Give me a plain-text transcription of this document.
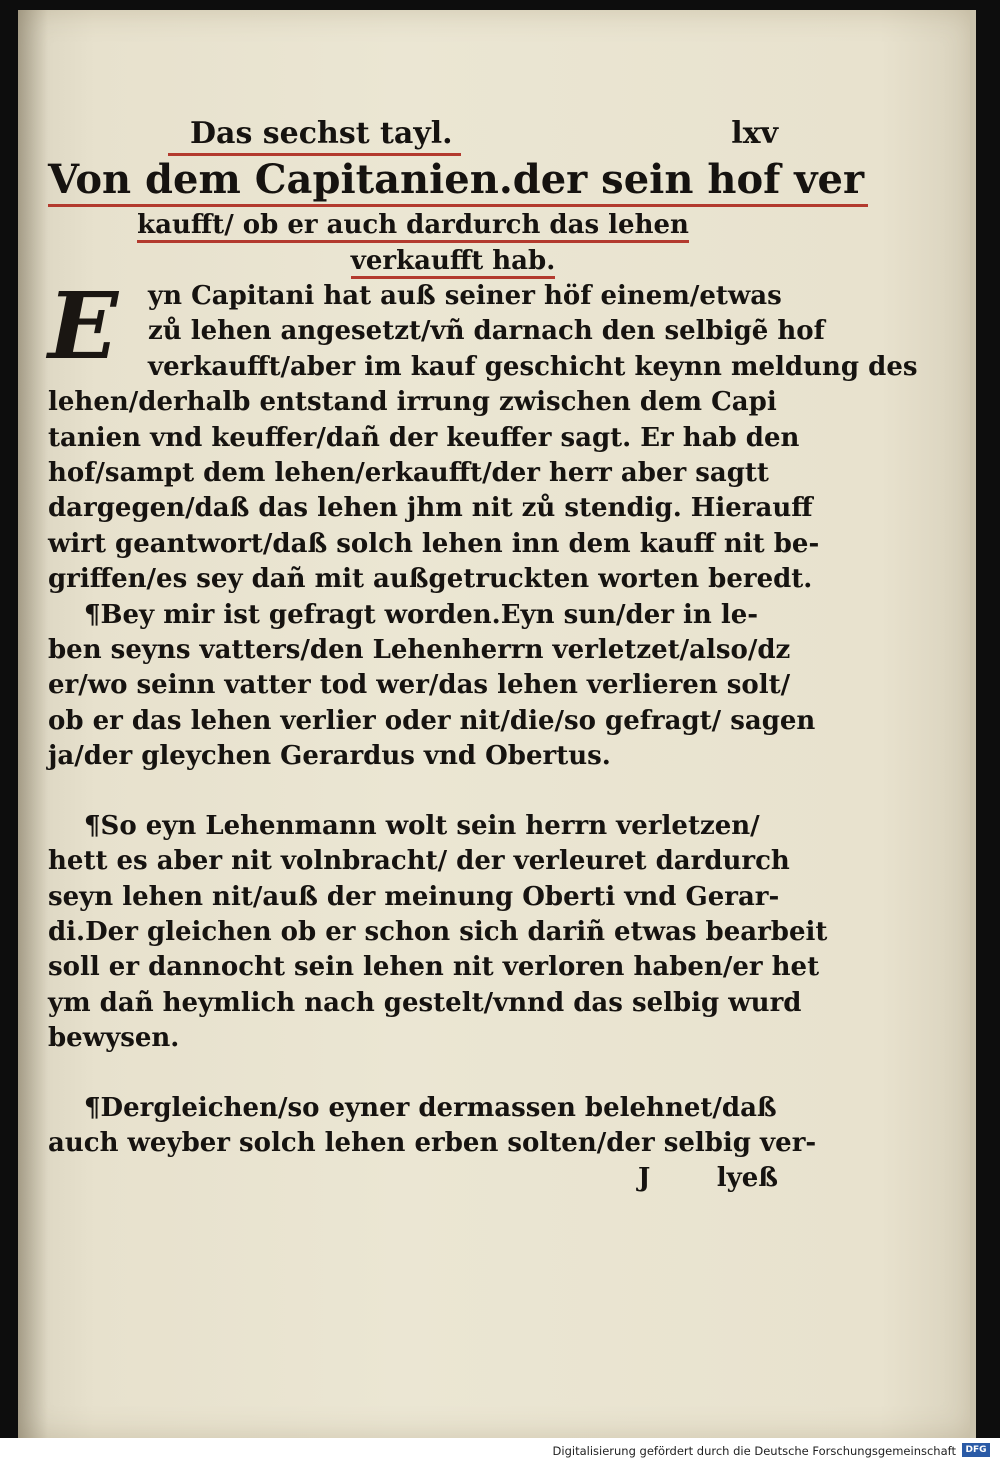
Das sechst tayl.	lxv
Von dem Capitanien.der sein hof ver
kaufft/ ob er auch dardurch das lehen
verkaufft hab.
E	yn Capitani hat auß seiner höf einem/etwas
zů lehen angesetzt/vñ darnach den selbigẽ hof
verkaufft/aber im kauf geschicht keynn meldung des
lehen/derhalb entstand irrung zwischen dem Capi
tanien vnd keuffer/dañ der keuffer sagt. Er hab den
hof/sampt dem lehen/erkaufft/der herr aber sagtt
dargegen/daß das lehen jhm nit zů stendig. Hierauff
wirt geantwort/daß solch lehen inn dem kauff nit be-
griffen/es sey dañ mit außgetruckten worten beredt.
¶Bey mir ist gefragt worden.Eyn sun/der in le-
ben seyns vatters/den Lehenherrn verletzet/also/dz
er/wo seinn vatter tod wer/das lehen verlieren solt/
ob er das lehen verlier oder nit/die/so gefragt/ sagen
ja/der gleychen Gerardus vnd Obertus.
¶So eyn Lehenmann wolt sein herrn verletzen/
hett es aber nit volnbracht/ der verleuret dardurch
seyn lehen nit/auß der meinung Oberti vnd Gerar-
di.Der gleichen ob er schon sich dariñ etwas bearbeit
soll er dannocht sein lehen nit verloren haben/er het
ym dañ heymlich nach gestelt/vnnd das selbig wurd
bewysen.
¶Dergleichen/so eyner dermassen belehnet/daß
auch weyber solch lehen erben solten/der selbig ver-
J	lyeß
Digitalisierung gefördert durch die Deutsche Forschungsgemeinschaft	DFG
